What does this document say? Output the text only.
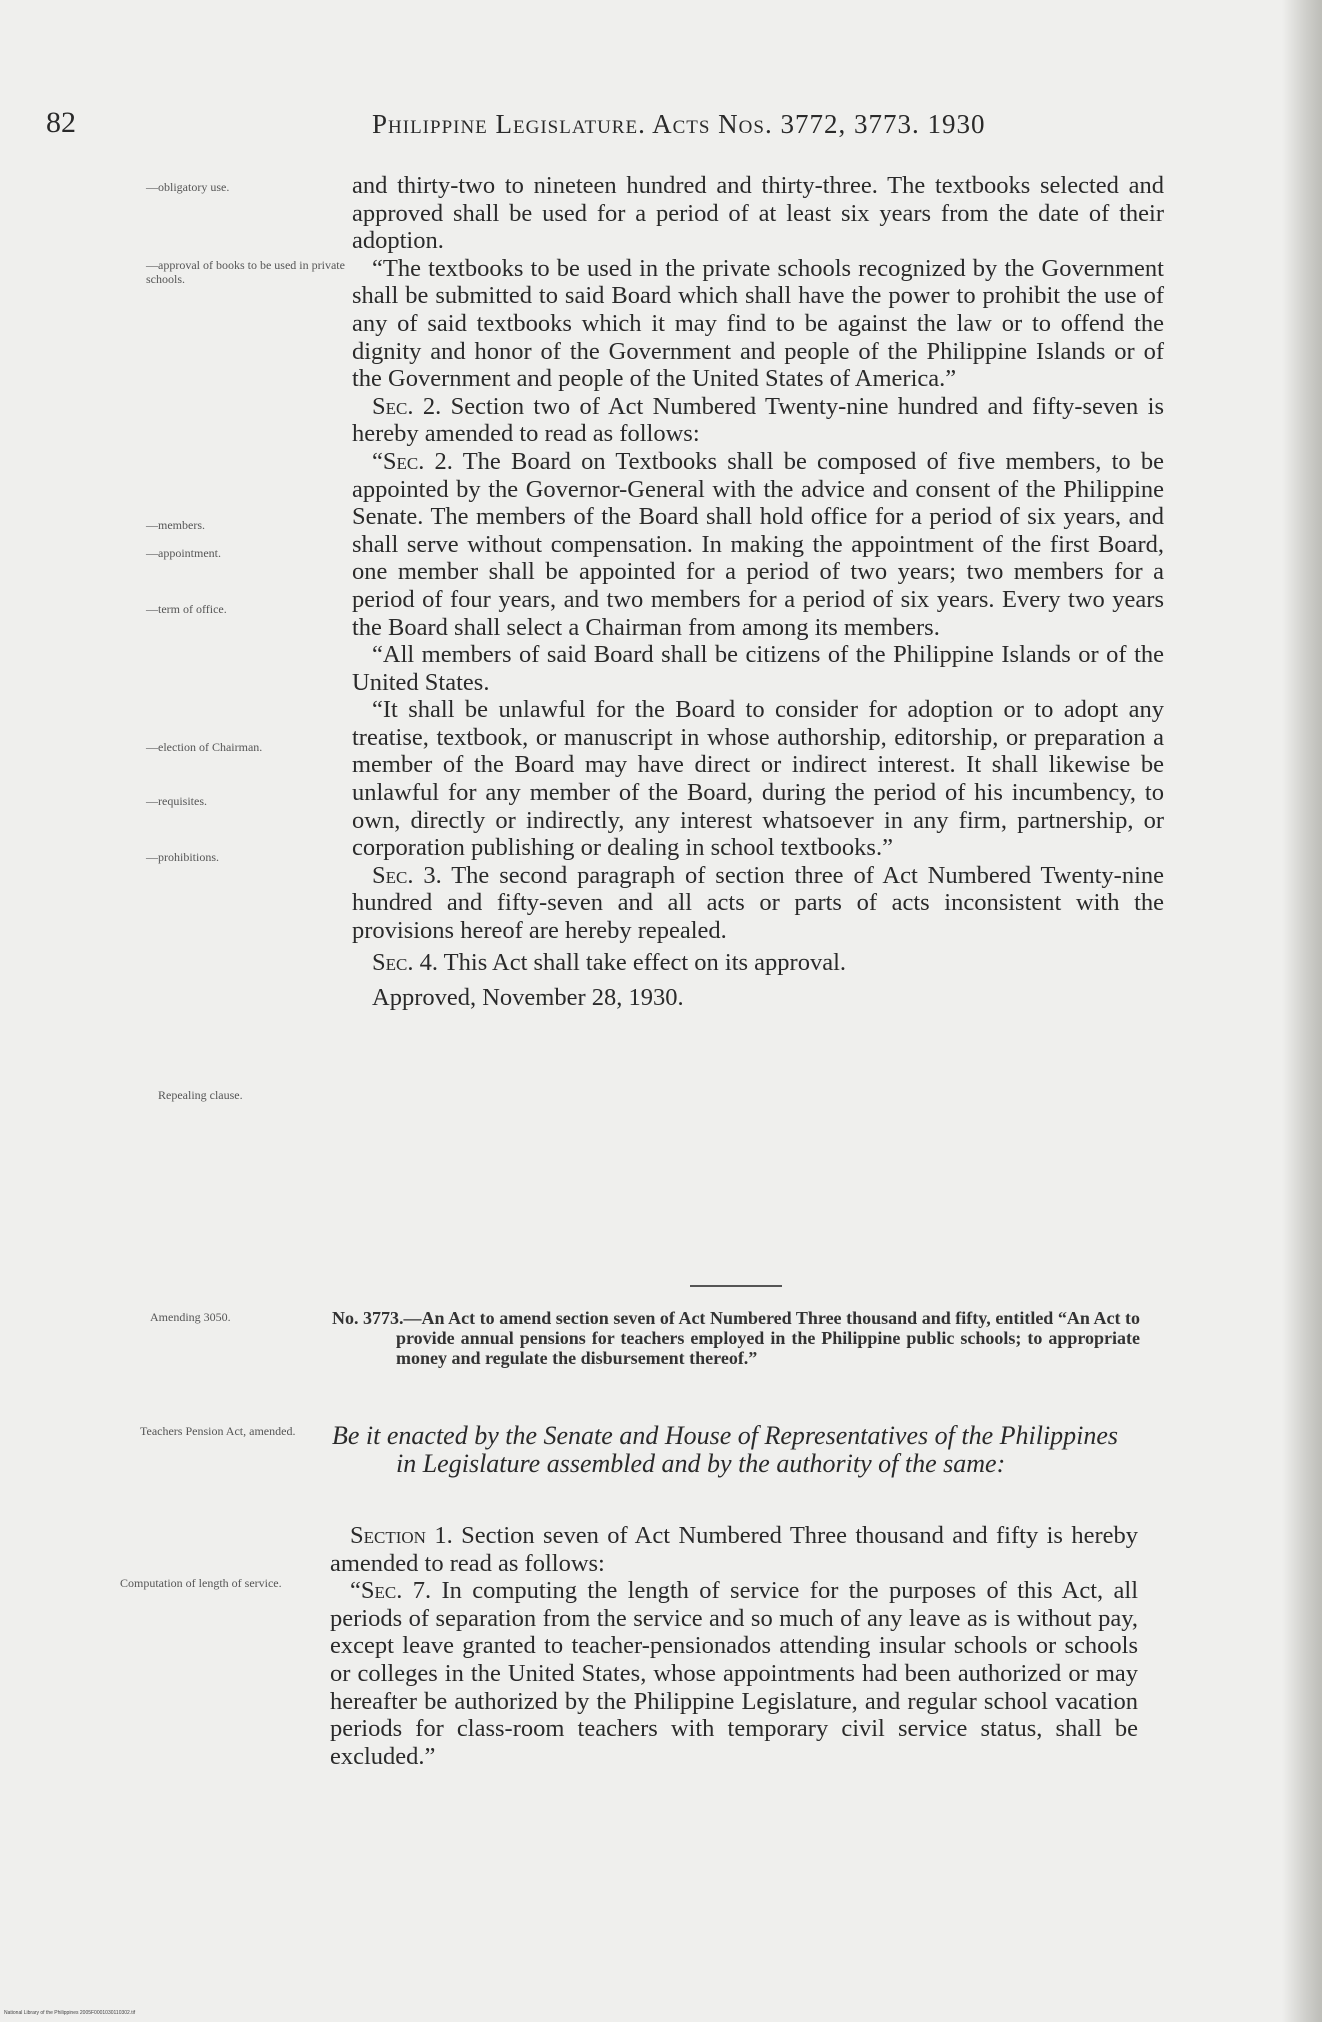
82	Philippine Legislature. Acts Nos. 3772, 3773. 1930
—obligatory use.
—approval of books to be used in private schools.
—members.
—appointment.
—term of office.
—election of Chairman.
—requisites.
—prohibitions.
Repealing clause.
Amending 3050.
Teachers Pension Act, amended.
Computation of length of service.

and thirty-two to nineteen hundred and thirty-three. The textbooks selected and approved shall be used for a period of at least six years from the date of their adoption.

“The textbooks to be used in the private schools recognized by the Government shall be submitted to said Board which shall have the power to prohibit the use of any of said textbooks which it may find to be against the law or to offend the dignity and honor of the Government and people of the Philippine Islands or of the Government and people of the United States of America.”

Sec. 2. Section two of Act Numbered Twenty-nine hundred and fifty-seven is hereby amended to read as follows:

“Sec. 2. The Board on Textbooks shall be composed of five members, to be appointed by the Governor-General with the advice and consent of the Philippine Senate. The members of the Board shall hold office for a period of six years, and shall serve without compensation. In making the appointment of the first Board, one member shall be appointed for a period of two years; two members for a period of four years, and two members for a period of six years. Every two years the Board shall select a Chairman from among its members.

“All members of said Board shall be citizens of the Philippine Islands or of the United States.

“It shall be unlawful for the Board to consider for adoption or to adopt any treatise, textbook, or manuscript in whose authorship, editorship, or preparation a member of the Board may have direct or indirect interest. It shall likewise be unlawful for any member of the Board, during the period of his incumbency, to own, directly or indirectly, any interest whatsoever in any firm, partnership, or corporation publishing or dealing in school textbooks.”

Sec. 3. The second paragraph of section three of Act Numbered Twenty-nine hundred and fifty-seven and all acts or parts of acts inconsistent with the provisions hereof are hereby repealed.

Sec. 4. This Act shall take effect on its approval.

Approved, November 28, 1930.

No. 3773.—An Act to amend section seven of Act Numbered Three thousand and fifty, entitled “An Act to provide annual pensions for teachers employed in the Philippine public schools; to appropriate money and regulate the disbursement thereof.”
Be it enacted by the Senate and House of Representatives of the Philippines in Legislature assembled and by the authority of the same:

Section 1. Section seven of Act Numbered Three thousand and fifty is hereby amended to read as follows:

“Sec. 7. In computing the length of service for the purposes of this Act, all periods of separation from the service and so much of any leave as is without pay, except leave granted to teacher-pensionados attending insular schools or schools or colleges in the United States, whose appointments had been authorized or may hereafter be authorized by the Philippine Legislature, and regular school vacation periods for class-room teachers with temporary civil service status, shall be excluded.”

National Library of the Philippines 2005F0001030110302.tif
